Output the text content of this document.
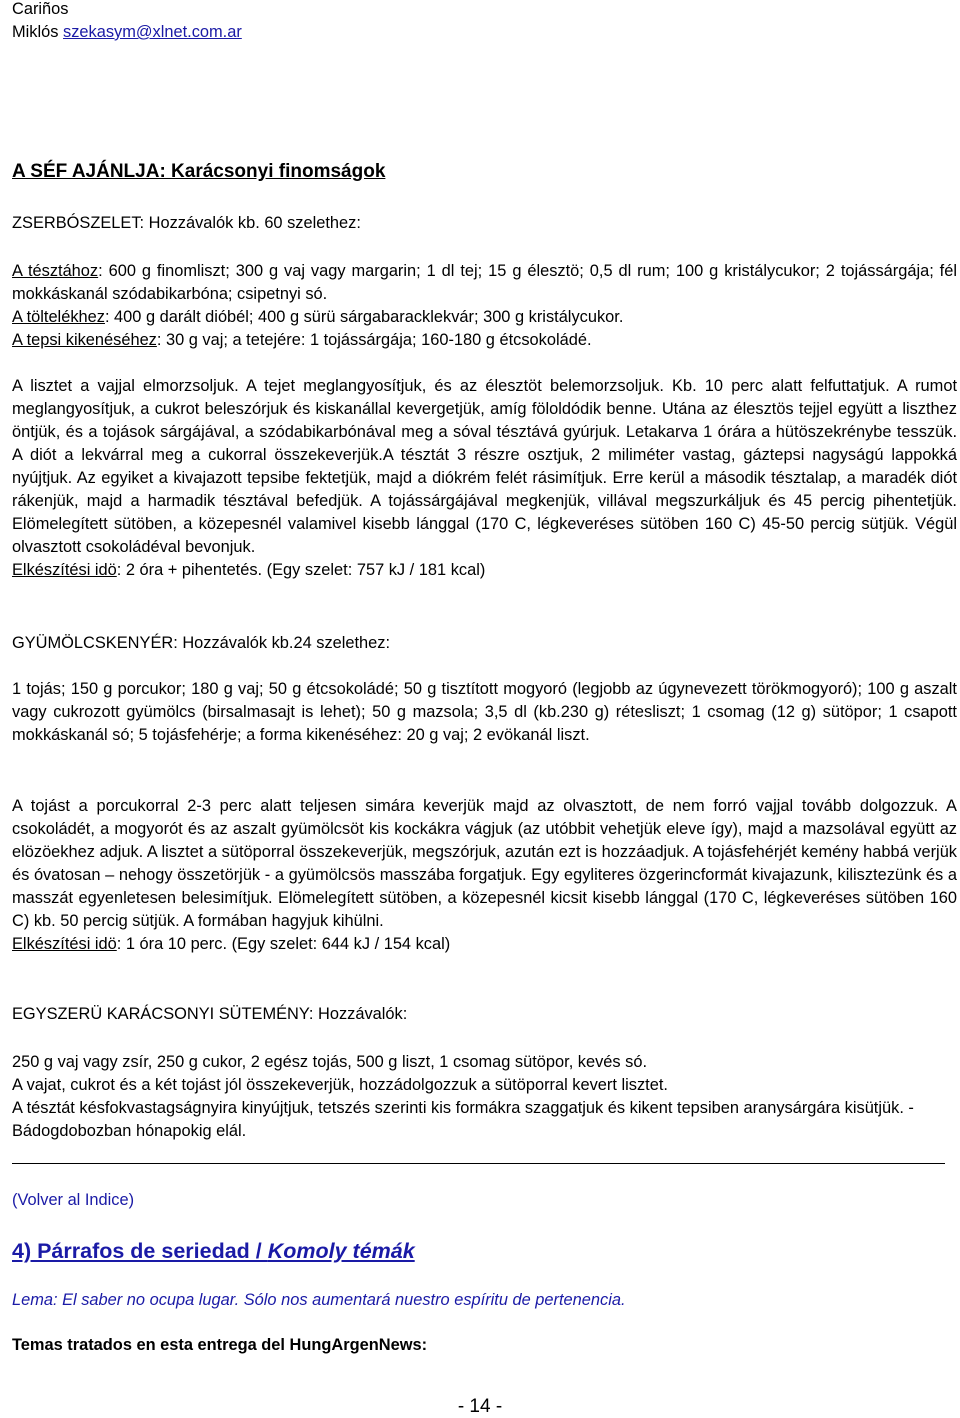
Cariños
Miklós szekasym@xlnet.com.ar
A SÉF AJÁNLJA: Karácsonyi finomságok
ZSERBÓSZELET: Hozzávalók kb. 60 szelethez:
A tésztához: 600 g finomliszt; 300 g vaj vagy margarin; 1 dl tej; 15 g élesztö; 0,5 dl rum; 100 g kristálycukor; 2 tojássárgája; fél mokkáskanál szódabikarbóna; csipetnyi só.
A töltelékhez: 400 g darált dióbél; 400 g sürü sárgabaracklekvár; 300 g kristálycukor.
A tepsi kikenéséhez: 30 g vaj; a tetejére: 1 tojássárgája; 160-180 g étcsokoládé.
A lisztet a vajjal elmorzsoljuk. A tejet meglangyosítjuk, és az élesztöt belemorzsoljuk. Kb. 10 perc alatt felfuttatjuk. A rumot meglangyosítjuk, a cukrot beleszórjuk és kiskanállal kevergetjük, amíg föloldódik benne. Utána az élesztös tejjel együtt a liszthez öntjük, és a tojások sárgájával, a szódabikarbónával meg a sóval tésztává gyúrjuk. Letakarva 1 órára a hütöszekrénybe tesszük. A diót a lekvárral meg a cukorral összekeverjük.A tésztát 3 részre osztjuk, 2 miliméter vastag, gáztepsi nagyságú lappokká nyújtjuk. Az egyiket a kivajazott tepsibe fektetjük, majd a diókrém felét rásimítjuk. Erre kerül a második tésztalap, a maradék diót rákenjük, majd a harmadik tésztával befedjük. A tojássárgájával megkenjük, villával megszurkáljuk és 45 percig pihentetjük. Elömelegített sütöben, a közepesnél valamivel kisebb lánggal (170 C, légkeveréses sütöben 160 C) 45-50 percig sütjük. Végül olvasztott csokoládéval bevonjuk.
Elkészítési idö: 2 óra + pihentetés. (Egy szelet: 757 kJ / 181 kcal)
GYÜMÖLCSKENYÉR: Hozzávalók kb.24 szelethez:
1 tojás; 150 g porcukor; 180 g vaj; 50 g étcsokoládé; 50 g tisztított mogyoró (legjobb az úgynevezett törökmogyoró); 100 g aszalt vagy cukrozott gyümölcs (birsalmasajt is lehet); 50 g mazsola; 3,5 dl (kb.230 g) rétesliszt; 1 csomag (12 g) sütöpor; 1 csapott mokkáskanál só; 5 tojásfehérje; a forma kikenéséhez: 20 g vaj; 2 evökanál liszt.
A tojást a porcukorral 2-3 perc alatt teljesen simára keverjük majd az olvasztott, de nem forró vajjal tovább dolgozzuk. A csokoládét, a mogyorót és az aszalt gyümölcsöt kis kockákra vágjuk (az utóbbit vehetjük eleve így), majd a mazsolával együtt az elözöekhez adjuk. A lisztet a sütöporral összekeverjük, megszórjuk, azután ezt is hozzáadjuk. A tojásfehérjét kemény habbá verjük és óvatosan – nehogy összetörjük - a gyümölcsös masszába forgatjuk. Egy egyliteres özgerincformát kivajazunk, kilisztezünk és a masszát egyenletesen belesimítjuk. Elömelegített sütöben, a közepesnél kicsit kisebb lánggal (170 C, légkeveréses sütöben 160 C) kb. 50 percig sütjük. A formában hagyjuk kihülni.
Elkészítési idö: 1 óra 10 perc. (Egy szelet: 644 kJ / 154 kcal)
EGYSZERÜ KARÁCSONYI SÜTEMÉNY: Hozzávalók:
250 g vaj vagy zsír, 250 g cukor, 2 egész tojás, 500 g liszt, 1 csomag sütöpor, kevés só.
A vajat, cukrot és a két tojást jól összekeverjük, hozzádolgozzuk a sütöporral kevert lisztet.
A tésztát késfokvastagságnyira kinyújtjuk, tetszés szerinti kis formákra szaggatjuk és kikent tepsiben aranysárgára kisütjük. - Bádogdobozban hónapokig elál.
(Volver al Indice)
4) Párrafos de seriedad / Komoly témák
Lema: El saber no ocupa lugar. Sólo nos aumentará nuestro espíritu de pertenencia.
Temas tratados en esta entrega del HungArgenNews:
- 14 -
